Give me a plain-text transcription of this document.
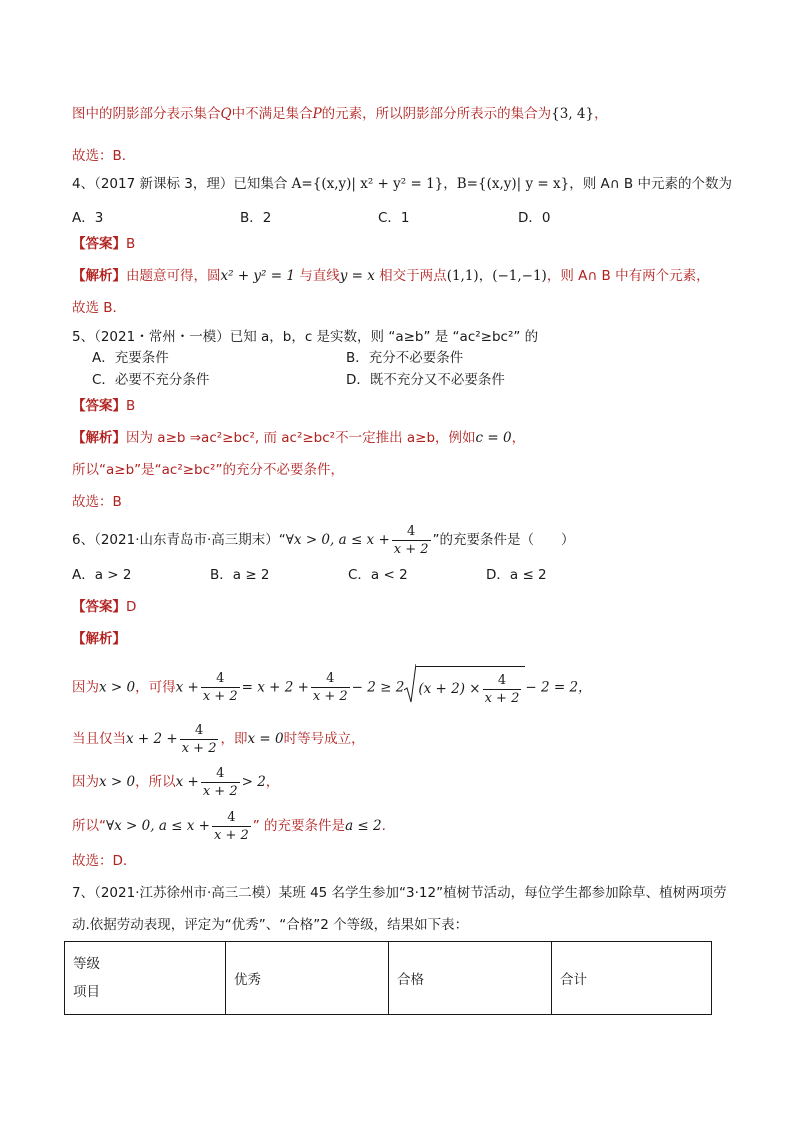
图中的阴影部分表示集合Q中不满足集合P的元素，所以阴影部分所表示的集合为{3, 4}，
故选：B．
4、（2017 新课标 3，理）已知集合 A={(x,y)| x² + y² = 1}，B={(x,y)| y = x}，则 A∩ B 中元素的个数为
A．3	B．2	C．1	D．0
【答案】B
【解析】由题意可得，圆x² + y² = 1 与直线y = x 相交于两点(1,1)，(−1,−1)，则 A∩ B 中有两个元素，
故选 B．
5、（2021・常州・一模）已知 a，b，c 是实数，则 “a≥b” 是 “ac²≥bc²” 的
A．充要条件	B．充分不必要条件
C．必要不充分条件	D．既不充分又不必要条件
【答案】B
【解析】因为 a≥b ⇒ac²≥bc², 而 ac²≥bc²不一定推出 a≥b，例如c = 0，
所以“a≥b”是“ac²≥bc²”的充分不必要条件，
故选：B
6、（2021·山东青岛市·高三期末）“∀x > 0, $a \le x + \frac{4}{x + 2}$ ”的充要条件是（　　）
A．a > 2	B．a ≥ 2	C．a < 2	D．a ≤ 2
【答案】D
【解析】
因为x > 0，可得$x + \frac{4}{x + 2} = x + 2 + \frac{4}{x + 2} - 2 \ge 2$ $(x + 2) \times \frac{4}{x + 2} - 2 = 2$，
当且仅当$x + 2 + \frac{4}{x + 2}$ ，即x = 0时等号成立，
因为x > 0，所以$x + \frac{4}{x + 2} > 2$，
所以“∀x > 0, $a \le x + \frac{4}{x + 2}$ ” 的充要条件是a ≤ 2.
故选：D．
7、（2021·江苏徐州市·高三二模）某班 45 名学生参加“3·12”植树节活动，每位学生都参加除草、植树两项劳
动.依据劳动表现，评定为“优秀”、“合格”2 个等级，结果如下表：
等级
项目
	优秀	合格	合计
